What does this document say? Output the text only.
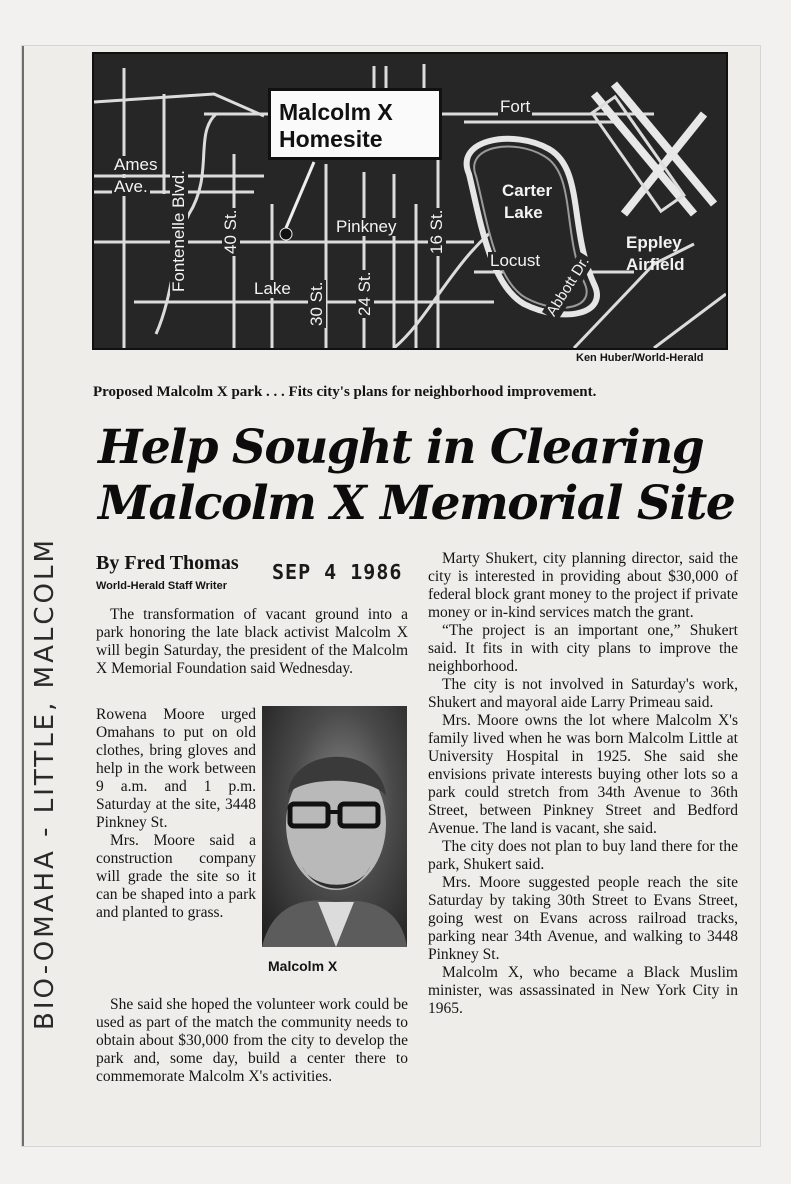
Fort
Ames
Ave. Fontenelle Blvd. 40 St.	Pinkney 16 St.
Carter
Lake
Locust
Eppley
Airfield
Lake 30 St. 24 St.	Abbott Dr.
Malcolm X
Homesite
Ken Huber/World-Herald
Proposed Malcolm X park . . . Fits city's plans for neighborhood improvement.
Help Sought in Clearing
Malcolm X Memorial Site
By Fred Thomas
World-Herald Staff Writer
SEP 4 1986

The transformation of vacant ground into a park honoring the late black activist Malcolm X will begin Saturday, the president of the Malcolm X Memorial Foundation said Wednesday.

Rowena Moore urged Omahans to put on old clothes, bring gloves and help in the work between 9 a.m. and 1 p.m. Saturday at the site, 3448 Pinkney St.

Mrs. Moore said a construction company will grade the site so it can be shaped into a park and planted to grass.

Malcolm X

She said she hoped the volunteer work could be used as part of the match the community needs to obtain about $30,000 from the city to develop the park and, some day, build a center there to commemorate Malcolm X's activities.

Marty Shukert, city planning director, said the city is interested in providing about $30,000 of federal block grant money to the project if private money or in-kind services match the grant.

“The project is an important one,” Shukert said. It fits in with city plans to improve the neighborhood.

The city is not involved in Saturday's work, Shukert and mayoral aide Larry Primeau said.

Mrs. Moore owns the lot where Malcolm X's family lived when he was born Malcolm Little at University Hospital in 1925. She said she envisions private interests buying other lots so a park could stretch from 34th Avenue to 36th Street, between Pinkney Street and Bedford Avenue. The land is vacant, she said.

The city does not plan to buy land there for the park, Shukert said.

Mrs. Moore suggested people reach the site Saturday by taking 30th Street to Evans Street, going west on Evans across railroad tracks, parking near 34th Avenue, and walking to 3448 Pinkney St.

Malcolm X, who became a Black Muslim minister, was assassinated in New York City in 1965.

BIO-OMAHA - LITTLE, MALCOLM
